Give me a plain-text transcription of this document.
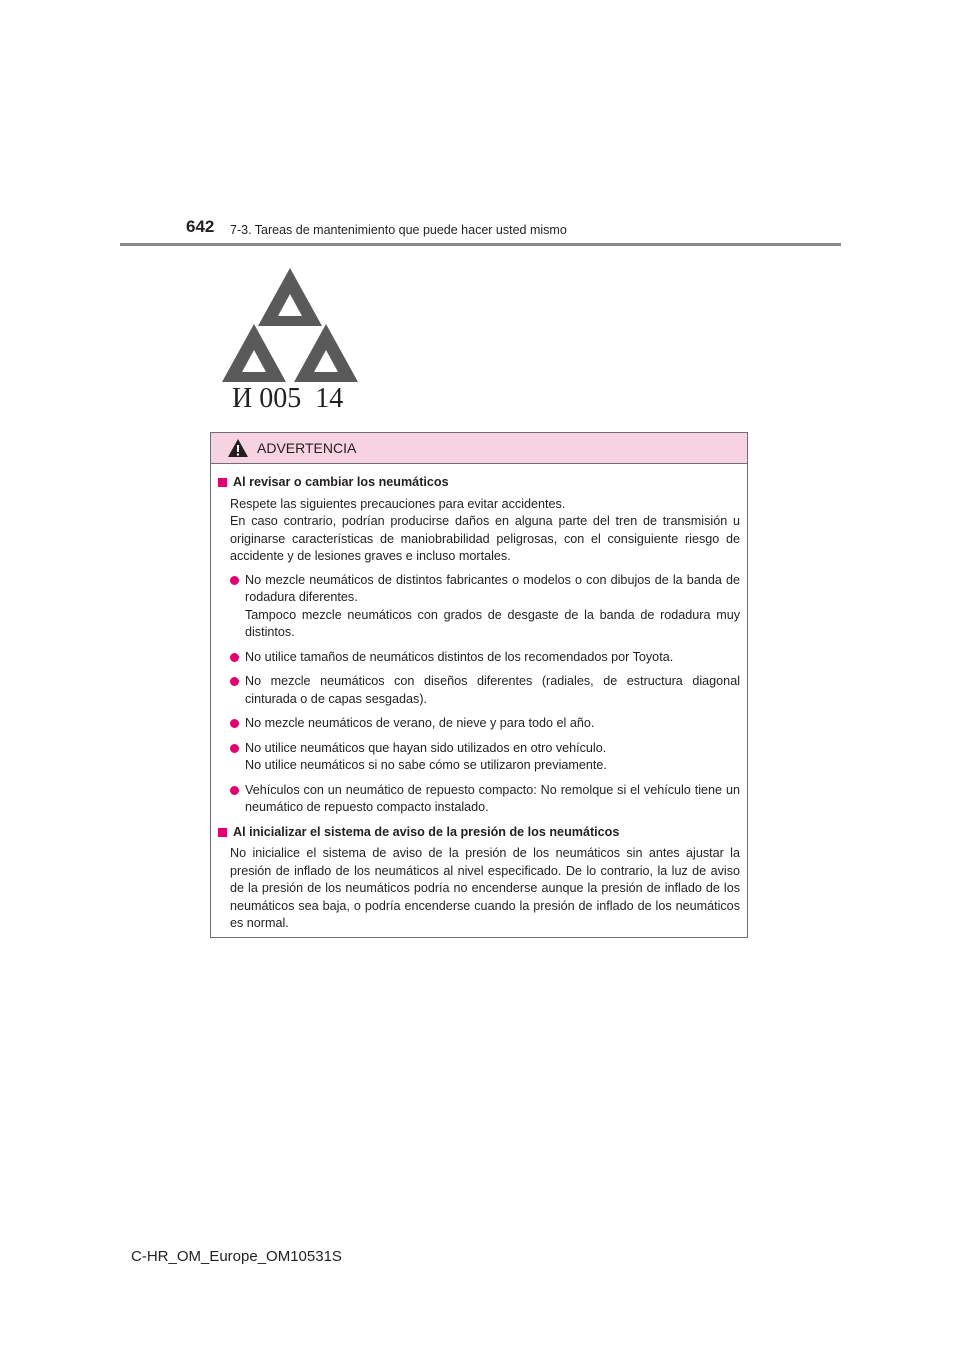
642 7-3. Tareas de mantenimiento que puede hacer usted mismo
И 005  14
ADVERTENCIA
Al revisar o cambiar los neumáticos

Respete las siguientes precauciones para evitar accidentes.

En caso contrario, podrían producirse daños en alguna parte del tren de transmisión u originarse características de maniobrabilidad peligrosas, con el consiguiente riesgo de accidente y de lesiones graves e incluso mortales.

No mezcle neumáticos de distintos fabricantes o modelos o con dibujos de la banda de rodadura diferentes.

Tampoco mezcle neumáticos con grados de desgaste de la banda de rodadura muy distintos.

No utilice tamaños de neumáticos distintos de los recomendados por Toyota.

No mezcle neumáticos con diseños diferentes (radiales, de estructura diagonal cinturada o de capas sesgadas).

No mezcle neumáticos de verano, de nieve y para todo el año.

No utilice neumáticos que hayan sido utilizados en otro vehículo.

No utilice neumáticos si no sabe cómo se utilizaron previamente.

Vehículos con un neumático de repuesto compacto: No remolque si el vehículo tiene un neumático de repuesto compacto instalado.

Al inicializar el sistema de aviso de la presión de los neumáticos

No inicialice el sistema de aviso de la presión de los neumáticos sin antes ajustar la presión de inflado de los neumáticos al nivel especificado. De lo contrario, la luz de aviso de la presión de los neumáticos podría no encenderse aunque la presión de inflado de los neumáticos sea baja, o podría encenderse cuando la presión de inflado de los neumáticos es normal.

C-HR_OM_Europe_OM10531S
